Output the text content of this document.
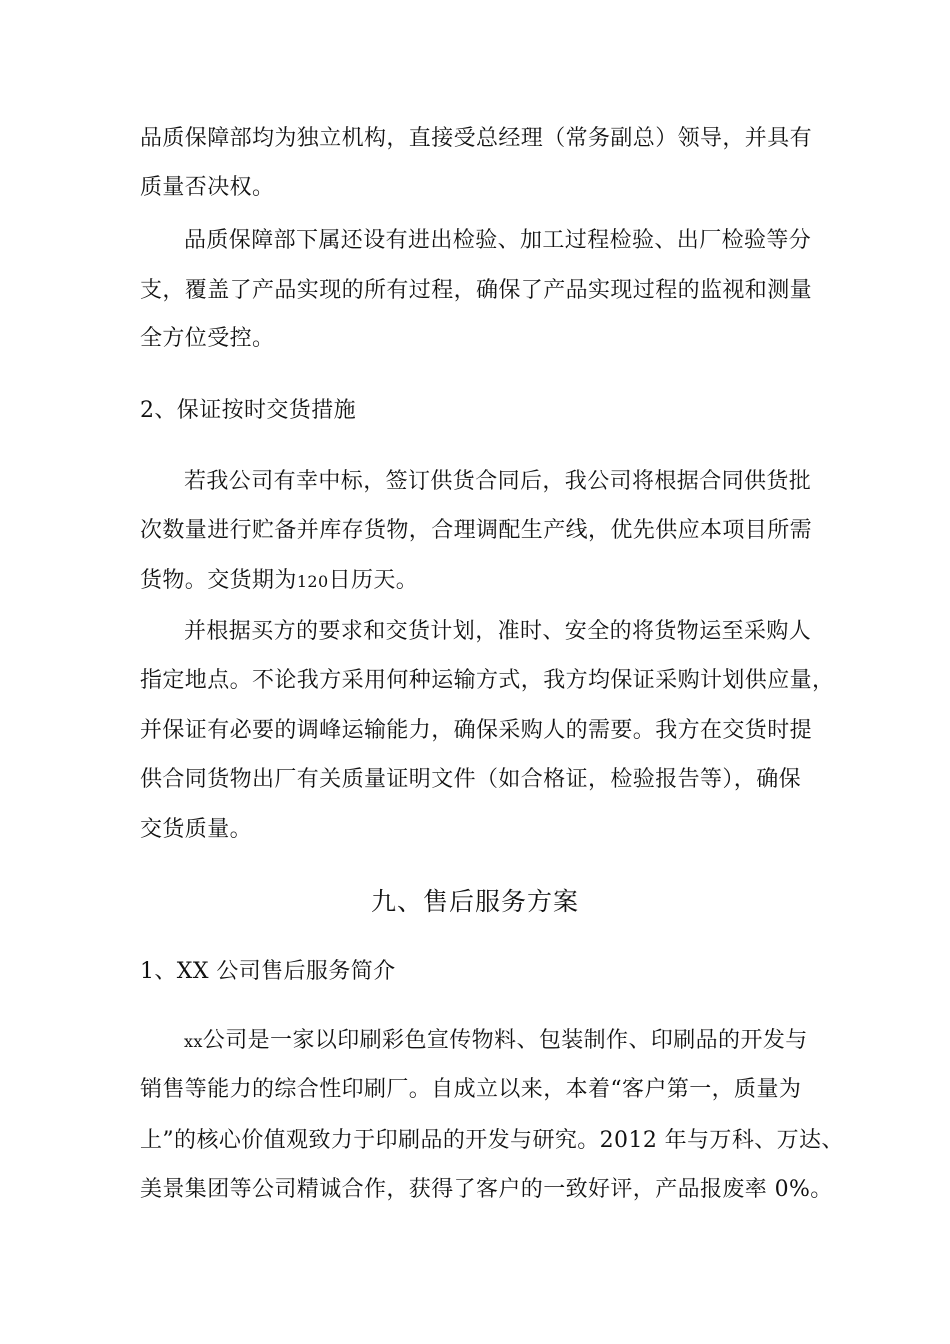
品质保障部均为独立机构，直接受总经理（常务副总）领导，并具有
质量否决权。
品质保障部下属还设有进出检验、加工过程检验、出厂检验等分
支，覆盖了产品实现的所有过程，确保了产品实现过程的监视和测量
全方位受控。
2、保证按时交货措施
若我公司有幸中标，签订供货合同后，我公司将根据合同供货批
次数量进行贮备并库存货物，合理调配生产线，优先供应本项目所需
货物。交货期为120日历天。
并根据买方的要求和交货计划，准时、安全的将货物运至采购人
指定地点。不论我方采用何种运输方式，我方均保证采购计划供应量，
并保证有必要的调峰运输能力，确保采购人的需要。我方在交货时提
供合同货物出厂有关质量证明文件（如合格证，检验报告等），确保
交货质量。
九、售后服务方案
1、XX 公司售后服务简介
xx公司是一家以印刷彩色宣传物料、包装制作、印刷品的开发与
销售等能力的综合性印刷厂。自成立以来，本着“客户第一，质量为
上”的核心价值观致力于印刷品的开发与研究。2012 年与万科、万达、
美景集团等公司精诚合作，获得了客户的一致好评，产品报废率 0%。
